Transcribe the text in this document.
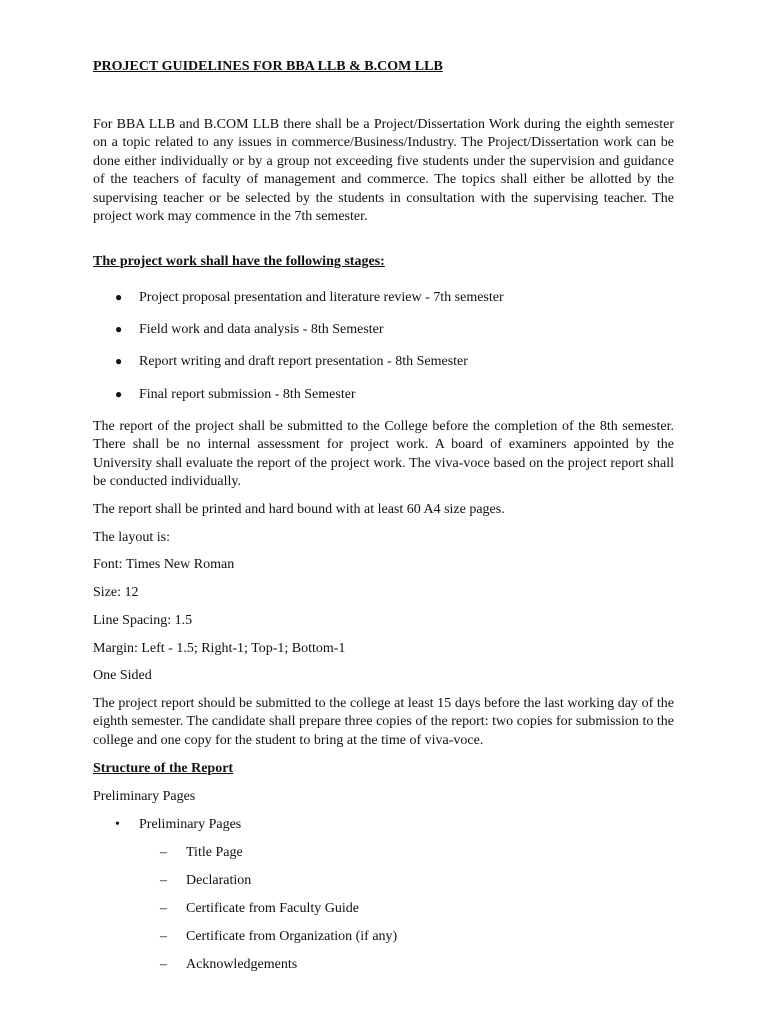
PROJECT GUIDELINES FOR BBA LLB & B.COM LLB

For BBA LLB and B.COM LLB there shall be a Project/Dissertation Work during the eighth semester on a topic related to any issues in commerce/Business/Industry. The Project/Dissertation work can be done either individually or by a group not exceeding five students under the supervision and guidance of the teachers of faculty of management and commerce. The topics shall either be allotted by the supervising teacher or be selected by the students in consultation with the supervising teacher. The project work may commence in the 7th semester.

The project work shall have the following stages:

● Project proposal presentation and literature review - 7th semester
● Field work and data analysis - 8th Semester
● Report writing and draft report presentation - 8th Semester
● Final report submission - 8th Semester

The report of the project shall be submitted to the College before the completion of the 8th semester. There shall be no internal assessment for project work. A board of examiners appointed by the University shall evaluate the report of the project work. The viva-voce based on the project report shall be conducted individually.

The report shall be printed and hard bound with at least 60 A4 size pages.

The layout is:

Font: Times New Roman

Size: 12

Line Spacing: 1.5

Margin: Left - 1.5; Right-1; Top-1; Bottom-1

One Sided

The project report should be submitted to the college at least 15 days before the last working day of the eighth semester. The candidate shall prepare three copies of the report: two copies for submission to the college and one copy for the student to bring at the time of viva-voce.

Structure of the Report

Preliminary Pages

• Preliminary Pages
– Title Page
– Declaration
– Certificate from Faculty Guide
– Certificate from Organization (if any)
– Acknowledgements
